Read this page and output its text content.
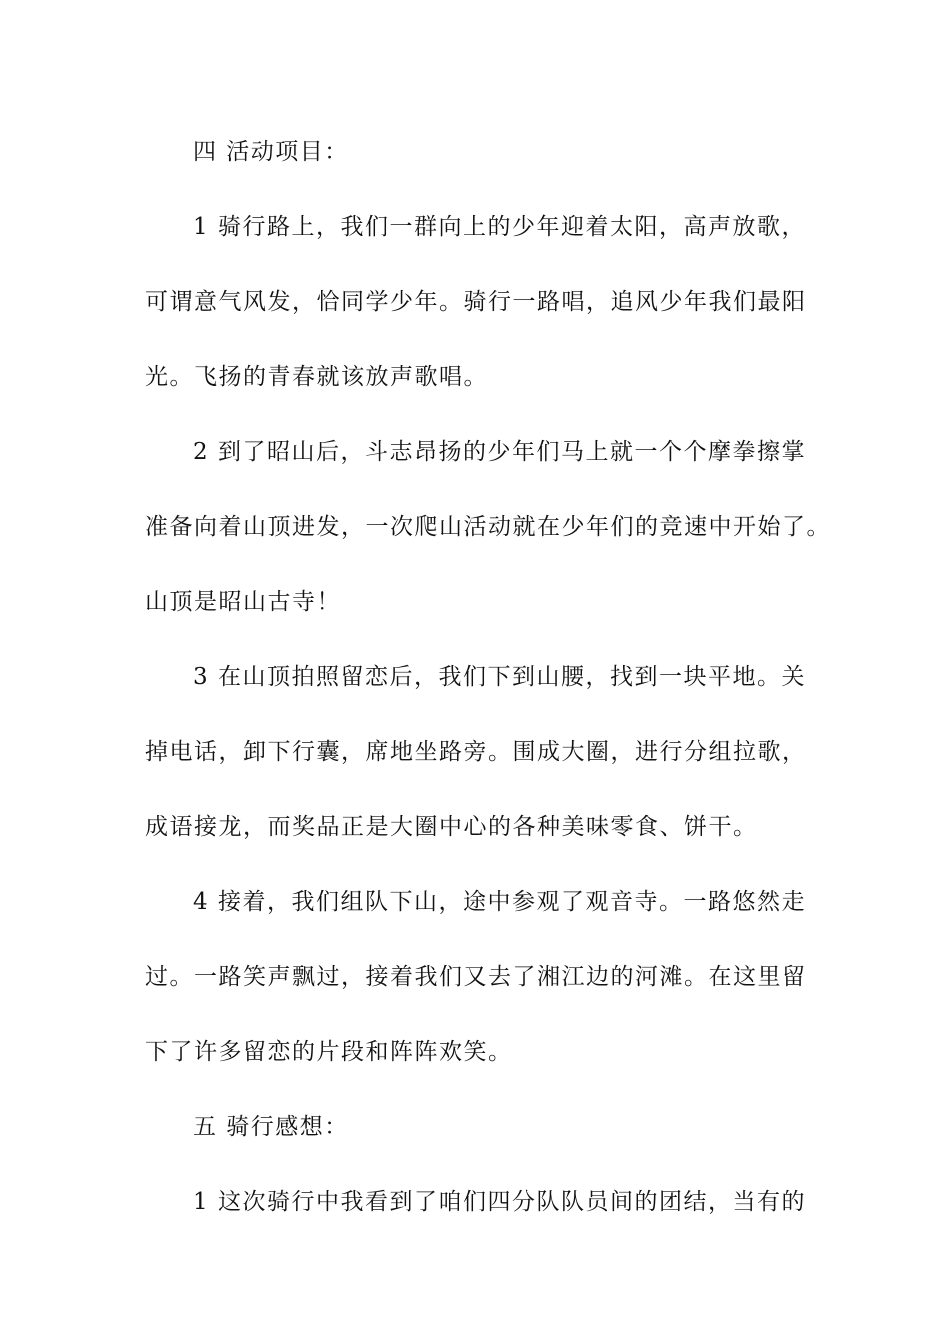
四 活动项目：
1 骑行路上，我们一群向上的少年迎着太阳，高声放歌，
可谓意气风发，恰同学少年。骑行一路唱，追风少年我们最阳
光。飞扬的青春就该放声歌唱。
2 到了昭山后，斗志昂扬的少年们马上就一个个摩拳擦掌
准备向着山顶进发，一次爬山活动就在少年们的竞速中开始了。
山顶是昭山古寺！
3 在山顶拍照留恋后，我们下到山腰，找到一块平地。关
掉电话，卸下行囊，席地坐路旁。围成大圈，进行分组拉歌，
成语接龙，而奖品正是大圈中心的各种美味零食、饼干。
4 接着，我们组队下山，途中参观了观音寺。一路悠然走
过。一路笑声飘过，接着我们又去了湘江边的河滩。在这里留
下了许多留恋的片段和阵阵欢笑。
五 骑行感想：
1 这次骑行中我看到了咱们四分队队员间的团结，当有的
